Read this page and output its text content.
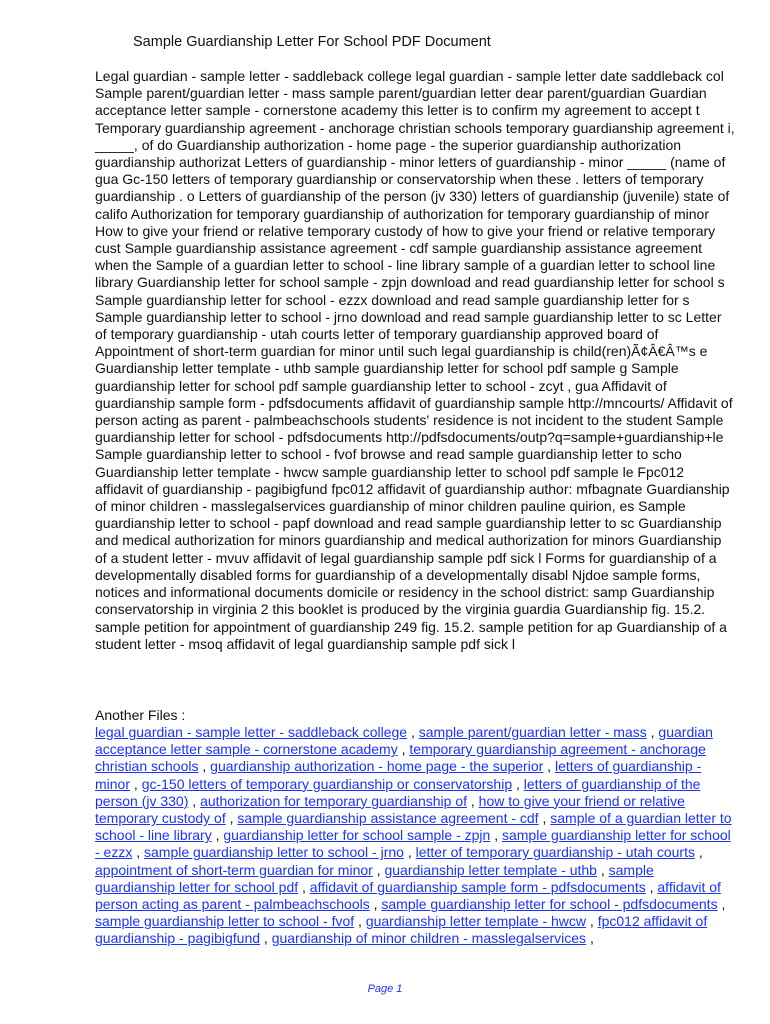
Sample Guardianship Letter For School PDF Document

Legal guardian - sample letter - saddleback college legal guardian - sample letter date saddleback col Sample parent/guardian letter - mass sample parent/guardian letter dear parent/guardian Guardian acceptance letter sample - cornerstone academy this letter is to confirm my agreement to accept t Temporary guardianship agreement - anchorage christian schools temporary guardianship agreement i, _____, of do Guardianship authorization - home page - the superior guardianship authorization guardianship authorizat Letters of guardianship - minor letters of guardianship - minor _____ (name of gua Gc-150 letters of temporary guardianship or conservatorship when these . letters of temporary guardianship . o Letters of guardianship of the person (jv 330) letters of guardianship (juvenile) state of califo Authorization for temporary guardianship of authorization for temporary guardianship of minor How to give your friend or relative temporary custody of how to give your friend or relative temporary cust Sample guardianship assistance agreement - cdf sample guardianship assistance agreement when the Sample of a guardian letter to school - line library sample of a guardian letter to school line library Guardianship letter for school sample - zpjn download and read guardianship letter for school s Sample guardianship letter for school - ezzx download and read sample guardianship letter for s Sample guardianship letter to school - jrno download and read sample guardianship letter to sc Letter of temporary guardianship - utah courts letter of temporary guardianship approved board of Appointment of short-term guardian for minor until such legal guardianship is child(ren)Ã¢Â€Â™s e Guardianship letter template - uthb sample guardianship letter for school pdf sample g Sample guardianship letter for school pdf sample guardianship letter to school - zcyt , gua Affidavit of guardianship sample form - pdfsdocuments affidavit of guardianship sample http://mncourts/ Affidavit of person acting as parent - palmbeachschools students' residence is not incident to the student Sample guardianship letter for school - pdfsdocuments http://pdfsdocuments/outp?q=sample+guardianship+le Sample guardianship letter to school - fvof browse and read sample guardianship letter to scho Guardianship letter template - hwcw sample guardianship letter to school pdf sample le Fpc012 affidavit of guardianship - pagibigfund fpc012 affidavit of guardianship author: mfbagnate Guardianship of minor children - masslegalservices guardianship of minor children pauline quirion, es Sample guardianship letter to school - papf download and read sample guardianship letter to sc Guardianship and medical authorization for minors guardianship and medical authorization for minors Guardianship of a student letter - mvuv affidavit of legal guardianship sample pdf sick l Forms for guardianship of a developmentally disabled forms for guardianship of a developmentally disabl Njdoe sample forms, notices and informational documents domicile or residency in the school district: samp Guardianship conservatorship in virginia 2 this booklet is produced by the virginia guardia Guardianship fig. 15.2. sample petition for appointment of guardianship 249 fig. 15.2. sample petition for ap Guardianship of a student letter - msoq affidavit of legal guardianship sample pdf sick l

Another Files :
legal guardian - sample letter - saddleback college , sample parent/guardian letter - mass , guardian acceptance letter sample - cornerstone academy , temporary guardianship agreement - anchorage christian schools , guardianship authorization - home page - the superior , letters of guardianship - minor , gc-150 letters of temporary guardianship or conservatorship , letters of guardianship of the person (jv 330) , authorization for temporary guardianship of , how to give your friend or relative temporary custody of , sample guardianship assistance agreement - cdf , sample of a guardian letter to school - line library , guardianship letter for school sample - zpjn , sample guardianship letter for school - ezzx , sample guardianship letter to school - jrno , letter of temporary guardianship - utah courts , appointment of short-term guardian for minor , guardianship letter template - uthb , sample guardianship letter for school pdf , affidavit of guardianship sample form - pdfsdocuments , affidavit of person acting as parent - palmbeachschools , sample guardianship letter for school - pdfsdocuments , sample guardianship letter to school - fvof , guardianship letter template - hwcw , fpc012 affidavit of guardianship - pagibigfund , guardianship of minor children - masslegalservices ,
Page 1
